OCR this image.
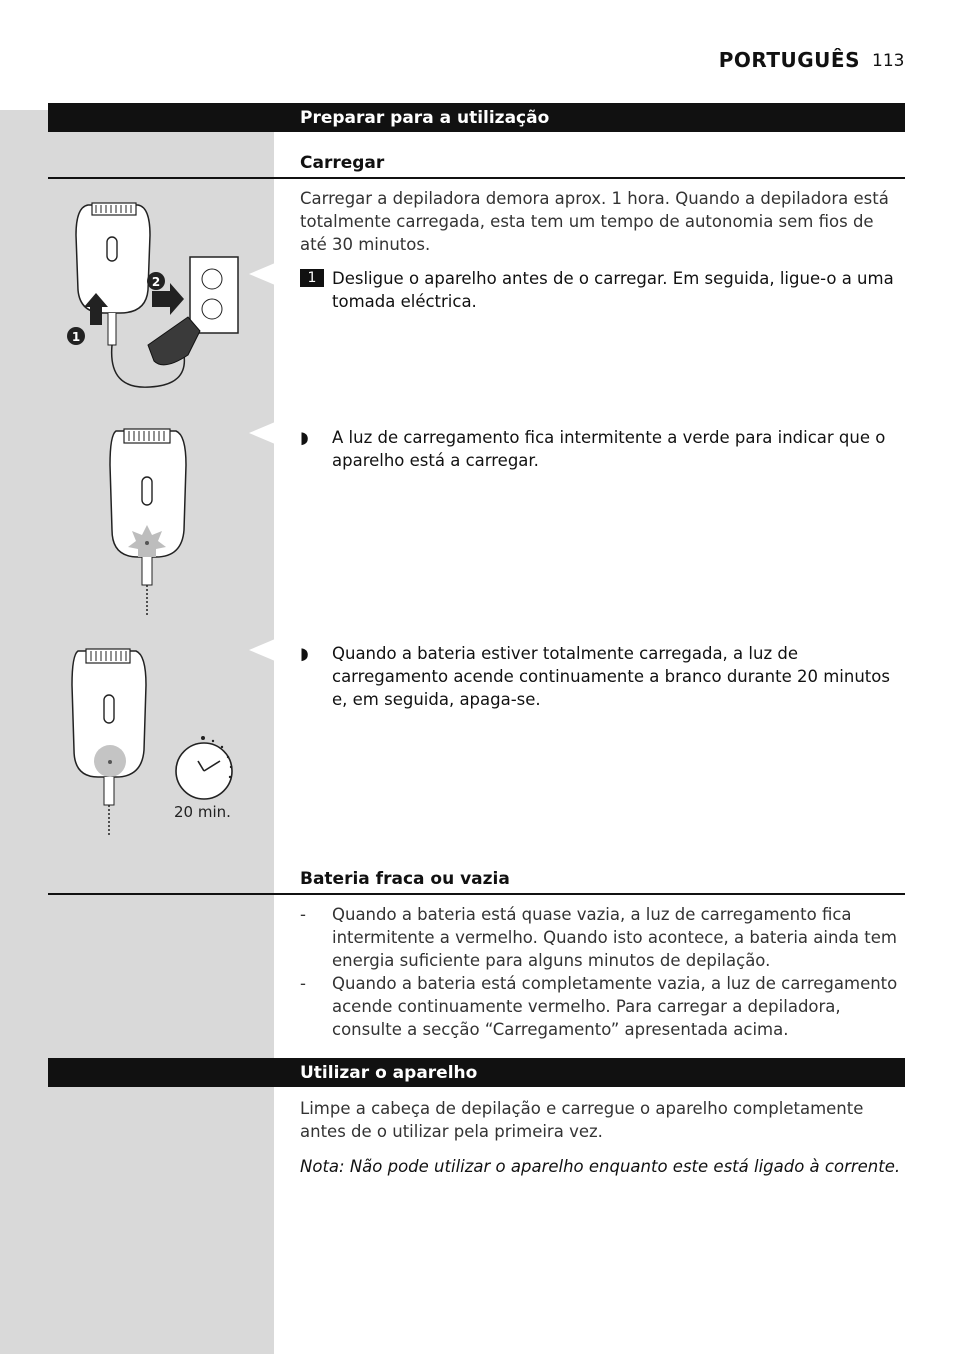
PORTUGUÊS 113
Preparar para a utilização
Carregar

Carregar a depiladora demora aprox. 1 hora. Quando a depiladora está totalmente carregada, esta tem um tempo de autonomia sem fios de até 30 minutos.

1 Desligue o aparelho antes de o carregar. Em seguida, ligue-o a uma tomada eléctrica.
◗ A luz de carregamento fica intermitente a verde para indicar que o aparelho está a carregar.
◗ Quando a bateria estiver totalmente carregada, a luz de carregamento acende continuamente a branco durante 20 minutos e, em seguida, apaga-se.
1
2
20 min.
Bateria fraca ou vazia
- Quando a bateria está quase vazia, a luz de carregamento fica intermitente a vermelho. Quando isto acontece, a bateria ainda tem energia suficiente para alguns minutos de depilação.
- Quando a bateria está completamente vazia, a luz de carregamento acende continuamente vermelho. Para carregar a depiladora, consulte a secção “Carregamento” apresentada acima.
Utilizar o aparelho

Limpe a cabeça de depilação e carregue o aparelho completamente antes de o utilizar pela primeira vez.

Nota: Não pode utilizar o aparelho enquanto este está ligado à corrente.
